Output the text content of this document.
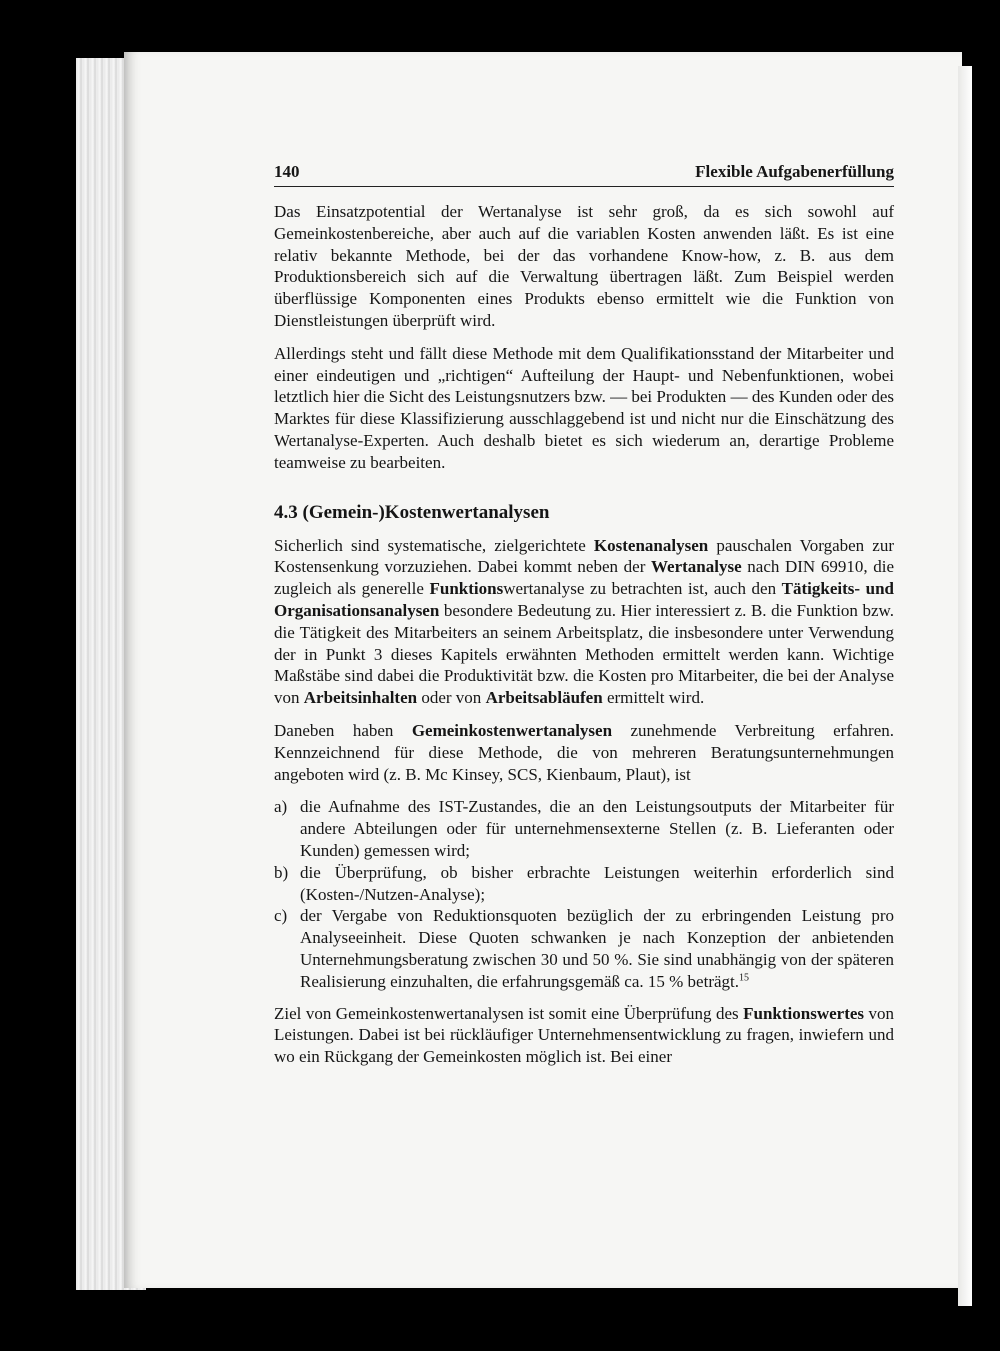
140	Flexible Aufgabenerfüllung

Das Einsatzpotential der Wertanalyse ist sehr groß, da es sich sowohl auf Gemeinkostenbereiche, aber auch auf die variablen Kosten anwenden läßt. Es ist eine relativ bekannte Methode, bei der das vorhandene Know-how, z. B. aus dem Produktionsbereich sich auf die Verwaltung übertragen läßt. Zum Beispiel werden überflüssige Komponenten eines Produkts ebenso ermittelt wie die Funktion von Dienstleistungen überprüft wird.

Allerdings steht und fällt diese Methode mit dem Qualifikationsstand der Mitarbeiter und einer eindeutigen und „richtigen“ Aufteilung der Haupt- und Nebenfunktionen, wobei letztlich hier die Sicht des Leistungsnutzers bzw. — bei Produkten — des Kunden oder des Marktes für diese Klassifizierung ausschlaggebend ist und nicht nur die Einschätzung des Wertanalyse-Experten. Auch deshalb bietet es sich wiederum an, derartige Probleme teamweise zu bearbeiten.

4.3 (Gemein-)Kostenwertanalysen

Sicherlich sind systematische, zielgerichtete Kostenanalysen pauschalen Vorgaben zur Kostensenkung vorzuziehen. Dabei kommt neben der Wertanalyse nach DIN 69910, die zugleich als generelle Funktionswertanalyse zu betrachten ist, auch den Tätigkeits- und Organisationsanalysen besondere Bedeutung zu. Hier interessiert z. B. die Funktion bzw. die Tätigkeit des Mitarbeiters an seinem Arbeitsplatz, die insbesondere unter Verwendung der in Punkt 3 dieses Kapitels erwähnten Methoden ermittelt werden kann. Wichtige Maßstäbe sind dabei die Produktivität bzw. die Kosten pro Mitarbeiter, die bei der Analyse von Arbeitsinhalten oder von Arbeitsabläufen ermittelt wird.

Daneben haben Gemeinkostenwertanalysen zunehmende Verbreitung erfahren. Kennzeichnend für diese Methode, die von mehreren Beratungsunternehmungen angeboten wird (z. B. Mc Kinsey, SCS, Kienbaum, Plaut), ist

a) die Aufnahme des IST-Zustandes, die an den Leistungsoutputs der Mitarbeiter für andere Abteilungen oder für unternehmensexterne Stellen (z. B. Lieferanten oder Kunden) gemessen wird;
b) die Überprüfung, ob bisher erbrachte Leistungen weiterhin erforderlich sind (Kosten-/Nutzen-Analyse);
c) der Vergabe von Reduktionsquoten bezüglich der zu erbringenden Leistung pro Analyseeinheit. Diese Quoten schwanken je nach Konzeption der anbietenden Unternehmungsberatung zwischen 30 und 50 %. Sie sind unabhängig von der späteren Realisierung einzuhalten, die erfahrungsgemäß ca. 15 % beträgt.$^{15}$

Ziel von Gemeinkostenwertanalysen ist somit eine Überprüfung des Funktionswertes von Leistungen. Dabei ist bei rückläufiger Unternehmensentwicklung zu fragen, inwiefern und wo ein Rückgang der Gemeinkosten möglich ist. Bei einer
